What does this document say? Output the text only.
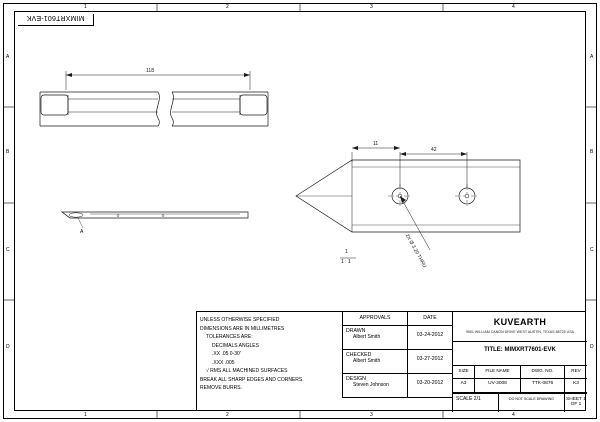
MIMXRT601-EVK
A
B
C
D
A
B
C
D
1	2	3	4
1	2	3	4
118
A
11
42
2X Ø 3.20 THRU
1
1 : 1
UNLESS OTHERWISE SPECIFIED
DIMENSIONS ARE IN MILLIMETRES
TOLERANCES ARE:
DECIMALS ANGLES
.XX .05 0-30'
.XXX .005
√ RMS ALL MACHINED SURFACES
BREAK ALL SHARP EDGES AND CORNERS.
REMOVE BURRS.
APPROVALS	DATE
DRAWN
Albert Smith	03-24-2012
CHECKED
Albert Smith	03-27-2012
DESIGN
Steven Johnson	03-20-2012
KUVEARTH
9501 WILLIAM CANON DRIVE WEST AUSTIN, TEXAS 88725 USA
TITLE: MIMXRT7601-EVK
SIZE	FILE NAME	DWG. NO.	REV
A3	UV-3008	TTK-0876	K3
SCALE 2/1	DO NOT SCALE DRAWING	SHEET 1 OF 1
